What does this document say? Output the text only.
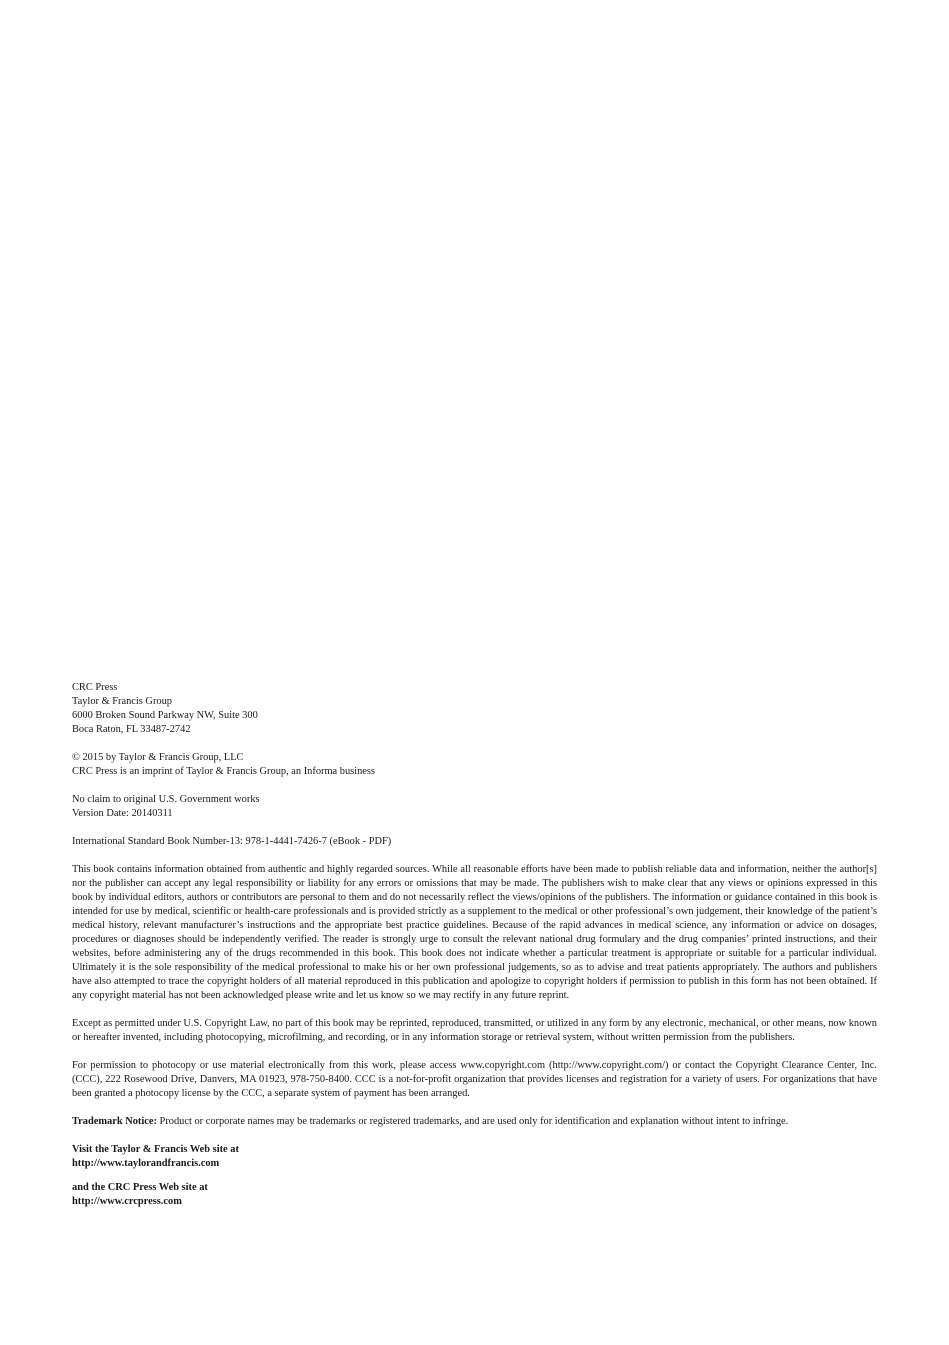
CRC Press
Taylor & Francis Group
6000 Broken Sound Parkway NW, Suite 300
Boca Raton, FL 33487-2742
© 2015 by Taylor & Francis Group, LLC
CRC Press is an imprint of Taylor & Francis Group, an Informa business
No claim to original U.S. Government works
Version Date: 20140311
International Standard Book Number-13: 978-1-4441-7426-7 (eBook - PDF)

This book contains information obtained from authentic and highly regarded sources. While all reasonable efforts have been made to publish reliable data and information, neither the author[s] nor the publisher can accept any legal responsibility or liability for any errors or omissions that may be made. The publishers wish to make clear that any views or opinions expressed in this book by individual editors, authors or contributors are personal to them and do not necessarily reflect the views/opinions of the publishers. The information or guidance contained in this book is intended for use by medical, scientific or health-care professionals and is provided strictly as a supplement to the medical or other professional’s own judgement, their knowledge of the patient’s medical history, relevant manufacturer’s instructions and the appropriate best practice guidelines. Because of the rapid advances in medical science, any information or advice on dosages, procedures or diagnoses should be independently verified. The reader is strongly urge to consult the relevant national drug formulary and the drug companies’ printed instructions, and their websites, before administering any of the drugs recommended in this book. This book does not indicate whether a particular treatment is appropriate or suitable for a particular individual. Ultimately it is the sole responsibility of the medical professional to make his or her own professional judgements, so as to advise and treat patients appropriately. The authors and publishers have also attempted to trace the copyright holders of all material reproduced in this publication and apologize to copyright holders if permission to publish in this form has not been obtained. If any copyright material has not been acknowledged please write and let us know so we may rectify in any future reprint.

Except as permitted under U.S. Copyright Law, no part of this book may be reprinted, reproduced, transmitted, or utilized in any form by any electronic, mechanical, or other means, now known or hereafter invented, including photocopying, microfilming, and recording, or in any information storage or retrieval system, without written permission from the publishers.

For permission to photocopy or use material electronically from this work, please access www.copyright.com (http://www.copyright.com/) or contact the Copyright Clearance Center, Inc. (CCC), 222 Rosewood Drive, Danvers, MA 01923, 978-750-8400. CCC is a not-for-profit organization that provides licenses and registration for a variety of users. For organizations that have been granted a photocopy license by the CCC, a separate system of payment has been arranged.

Trademark Notice: Product or corporate names may be trademarks or registered trademarks, and are used only for identification and explanation without intent to infringe.

Visit the Taylor & Francis Web site at
http://www.taylorandfrancis.com
and the CRC Press Web site at
http://www.crcpress.com
